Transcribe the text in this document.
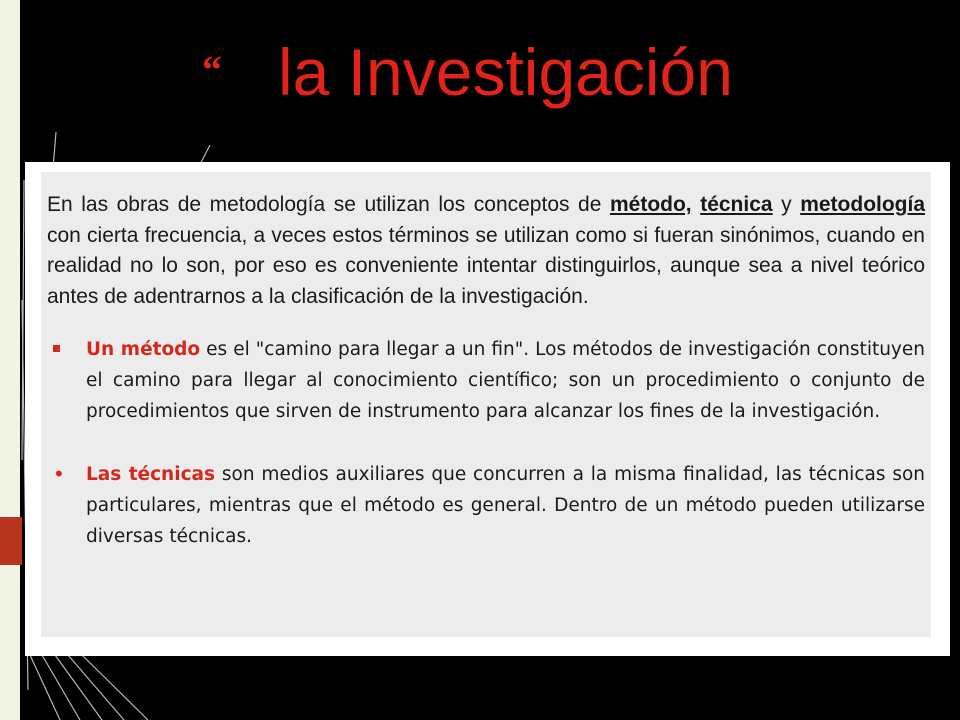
“ la Investigación

En las obras de metodología se utilizan los conceptos de método, técnica y metodología con cierta frecuencia, a veces estos términos se utilizan como si fueran sinónimos, cuando en realidad no lo son, por eso es conveniente intentar distinguirlos, aunque sea a nivel teórico antes de adentrarnos a la clasificación de la investigación.

Un método es el "camino para llegar a un fin". Los métodos de investigación constituyen el camino para llegar al conocimiento científico; son un procedimiento o conjunto de procedimientos que sirven de instrumento para alcanzar los fines de la investigación.
• Las técnicas son medios auxiliares que concurren a la misma finalidad, las técnicas son particulares, mientras que el método es general. Dentro de un método pueden utilizarse diversas técnicas.
